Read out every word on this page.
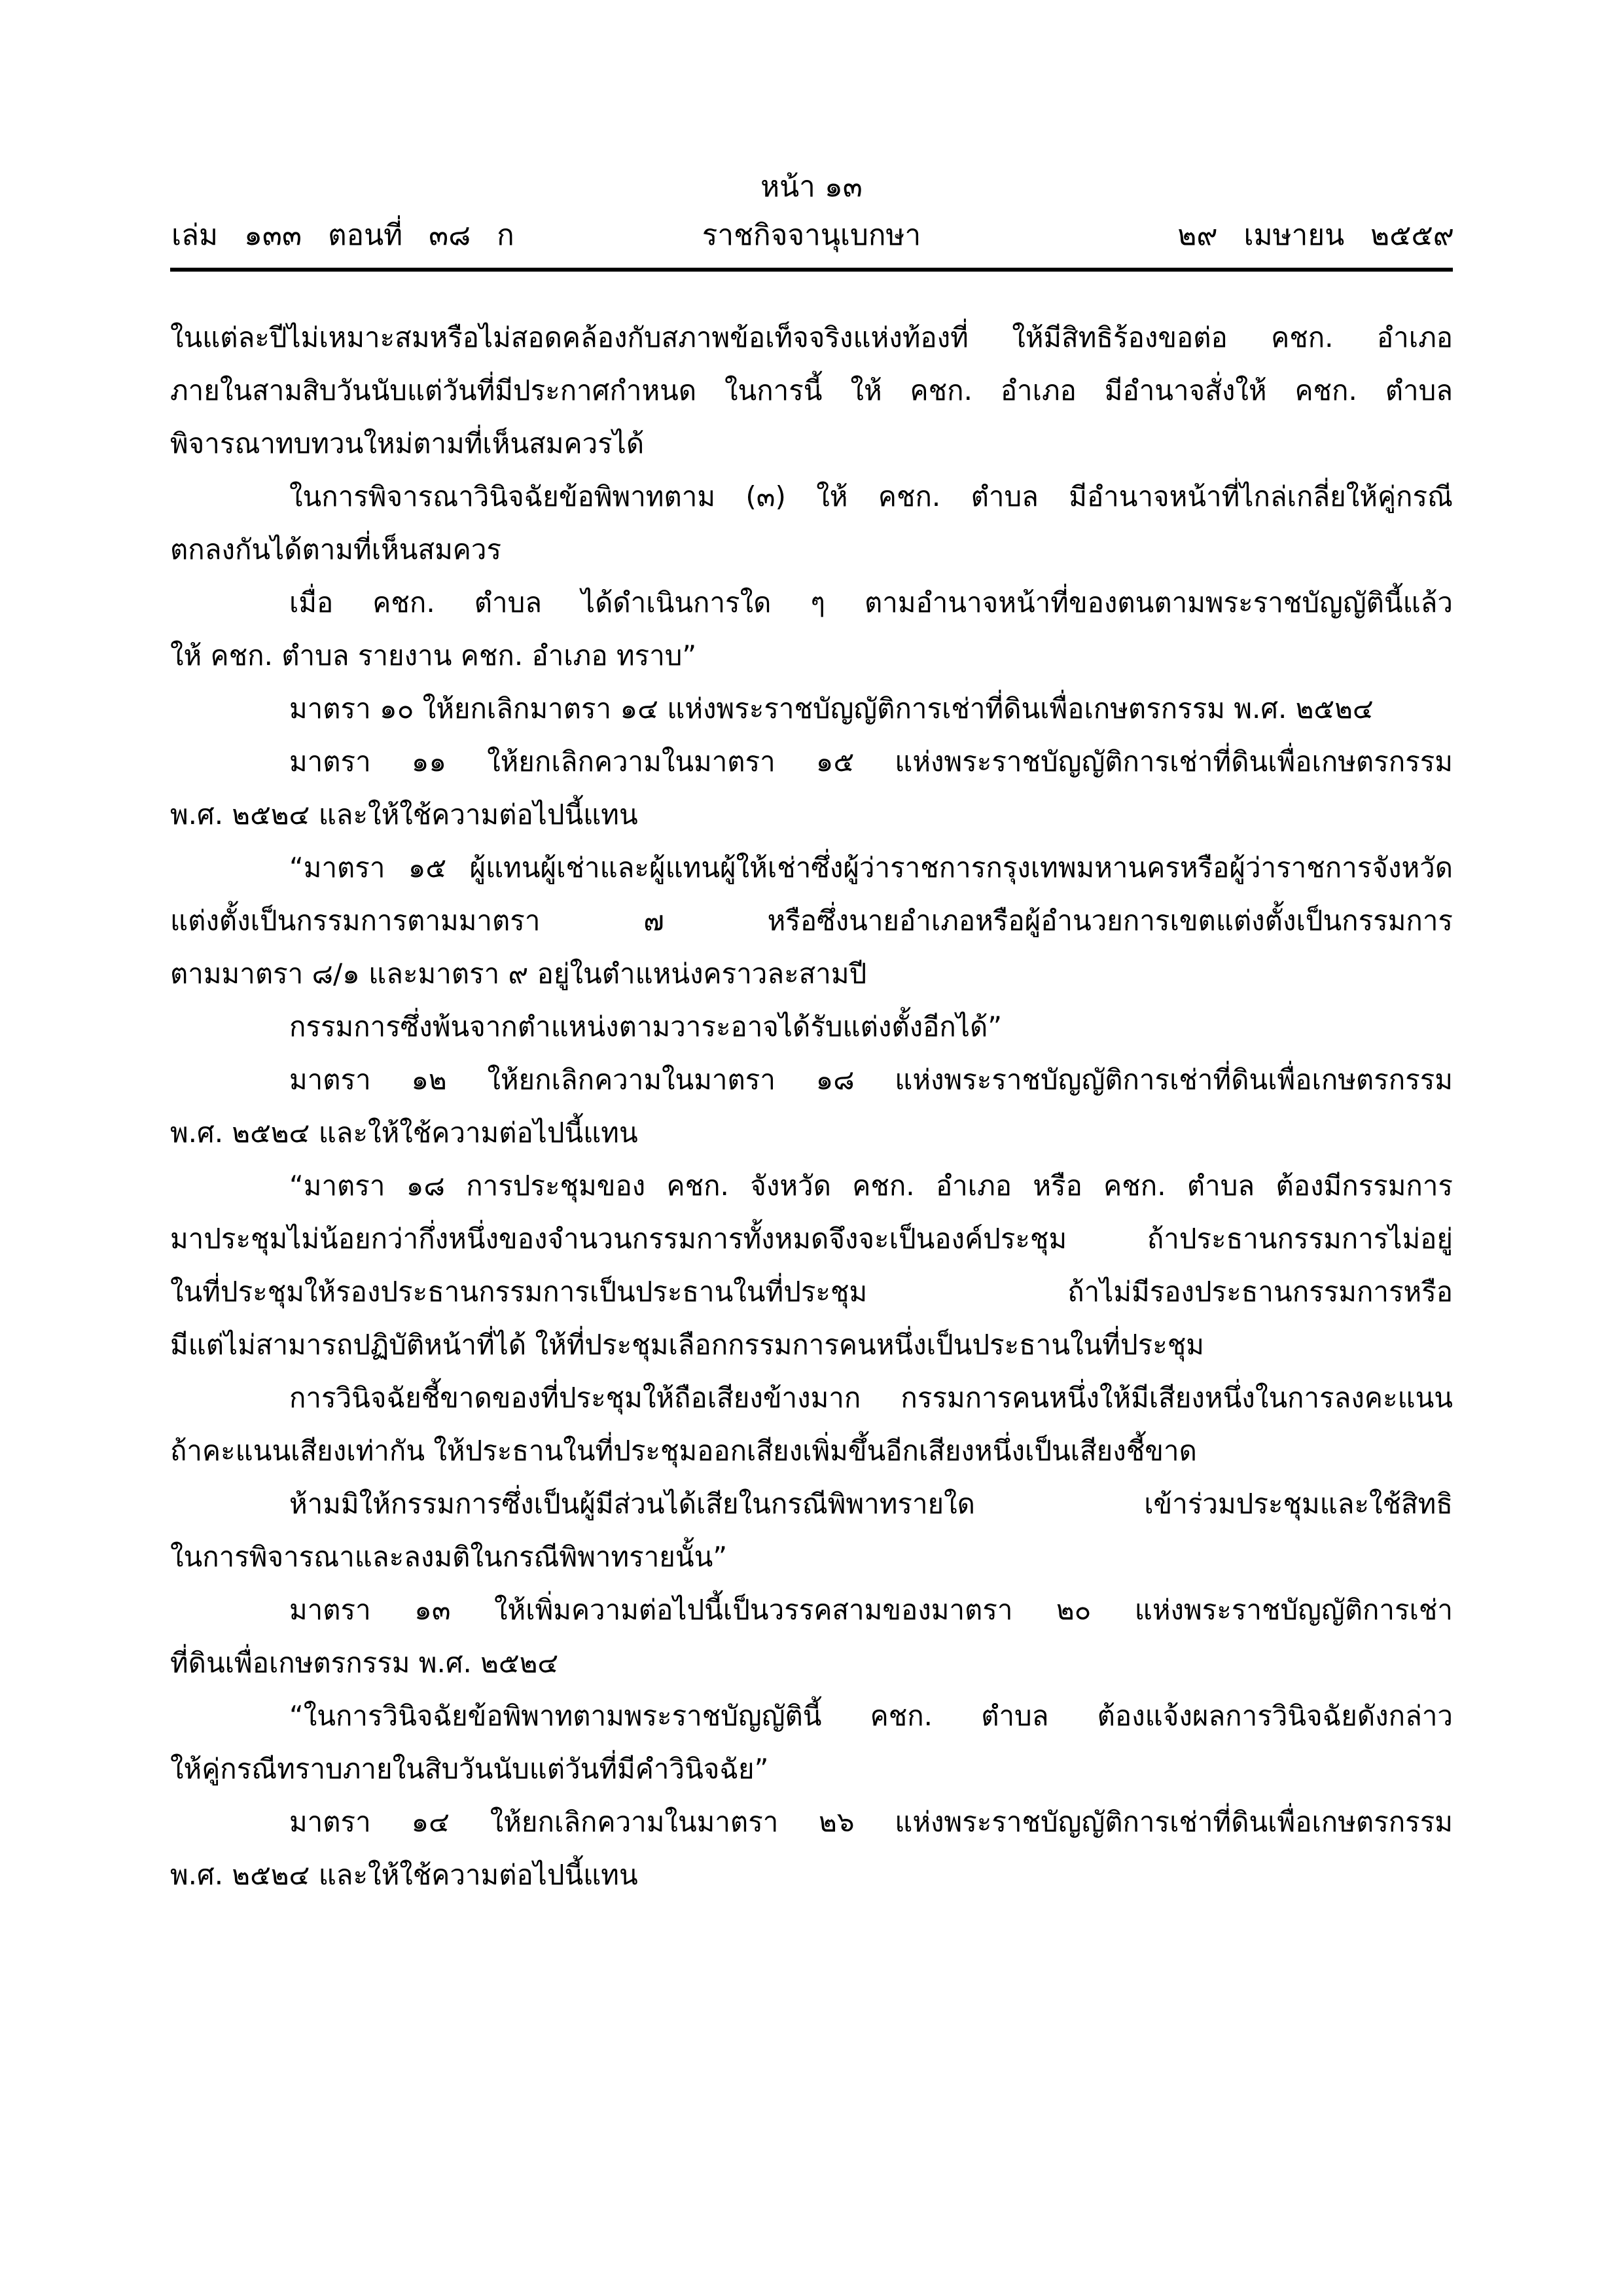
หน้า ๑๓
เล่ม ๑๓๓ ตอนที่ ๓๘ ก	ราชกิจจานุเบกษา	๒๙ เมษายน ๒๕๕๙
ในแต่ละปีไม่เหมาะสมหรือไม่สอดคล้องกับสภาพข้อเท็จจริงแห่งท้องที่ ให้มีสิทธิร้องขอต่อ คชก. อำเภอ
ภายในสามสิบวันนับแต่วันที่มีประกาศกำหนด ในการนี้ ให้ คชก. อำเภอ มีอำนาจสั่งให้ คชก. ตำบล
พิจารณาทบทวนใหม่ตามที่เห็นสมควรได้
ในการพิจารณาวินิจฉัยข้อพิพาทตาม (๓) ให้ คชก. ตำบล มีอำนาจหน้าที่ไกล่เกลี่ยให้คู่กรณี
ตกลงกันได้ตามที่เห็นสมควร
เมื่อ คชก. ตำบล ได้ดำเนินการใด ๆ ตามอำนาจหน้าที่ของตนตามพระราชบัญญัตินี้แล้ว
ให้ คชก. ตำบล รายงาน คชก. อำเภอ ทราบ”
มาตรา ๑๐ ให้ยกเลิกมาตรา ๑๔ แห่งพระราชบัญญัติการเช่าที่ดินเพื่อเกษตรกรรม พ.ศ. ๒๕๒๔
มาตรา ๑๑ ให้ยกเลิกความในมาตรา ๑๕ แห่งพระราชบัญญัติการเช่าที่ดินเพื่อเกษตรกรรม
พ.ศ. ๒๕๒๔ และให้ใช้ความต่อไปนี้แทน
“มาตรา ๑๕ ผู้แทนผู้เช่าและผู้แทนผู้ให้เช่าซึ่งผู้ว่าราชการกรุงเทพมหานครหรือผู้ว่าราชการจังหวัด
แต่งตั้งเป็นกรรมการตามมาตรา ๗ หรือซึ่งนายอำเภอหรือผู้อำนวยการเขตแต่งตั้งเป็นกรรมการ
ตามมาตรา ๘/๑ และมาตรา ๙ อยู่ในตำแหน่งคราวละสามปี
กรรมการซึ่งพ้นจากตำแหน่งตามวาระอาจได้รับแต่งตั้งอีกได้”
มาตรา ๑๒ ให้ยกเลิกความในมาตรา ๑๘ แห่งพระราชบัญญัติการเช่าที่ดินเพื่อเกษตรกรรม
พ.ศ. ๒๕๒๔ และให้ใช้ความต่อไปนี้แทน
“มาตรา ๑๘ การประชุมของ คชก. จังหวัด คชก. อำเภอ หรือ คชก. ตำบล ต้องมีกรรมการ
มาประชุมไม่น้อยกว่ากึ่งหนึ่งของจำนวนกรรมการทั้งหมดจึงจะเป็นองค์ประชุม ถ้าประธานกรรมการไม่อยู่
ในที่ประชุมให้รองประธานกรรมการเป็นประธานในที่ประชุม ถ้าไม่มีรองประธานกรรมการหรือ
มีแต่ไม่สามารถปฏิบัติหน้าที่ได้ ให้ที่ประชุมเลือกกรรมการคนหนึ่งเป็นประธานในที่ประชุม
การวินิจฉัยชี้ขาดของที่ประชุมให้ถือเสียงข้างมาก กรรมการคนหนึ่งให้มีเสียงหนึ่งในการลงคะแนน
ถ้าคะแนนเสียงเท่ากัน ให้ประธานในที่ประชุมออกเสียงเพิ่มขึ้นอีกเสียงหนึ่งเป็นเสียงชี้ขาด
ห้ามมิให้กรรมการซึ่งเป็นผู้มีส่วนได้เสียในกรณีพิพาทรายใด เข้าร่วมประชุมและใช้สิทธิ
ในการพิจารณาและลงมติในกรณีพิพาทรายนั้น”
มาตรา ๑๓ ให้เพิ่มความต่อไปนี้เป็นวรรคสามของมาตรา ๒๐ แห่งพระราชบัญญัติการเช่า
ที่ดินเพื่อเกษตรกรรม พ.ศ. ๒๕๒๔
“ในการวินิจฉัยข้อพิพาทตามพระราชบัญญัตินี้ คชก. ตำบล ต้องแจ้งผลการวินิจฉัยดังกล่าว
ให้คู่กรณีทราบภายในสิบวันนับแต่วันที่มีคำวินิจฉัย”
มาตรา ๑๔ ให้ยกเลิกความในมาตรา ๒๖ แห่งพระราชบัญญัติการเช่าที่ดินเพื่อเกษตรกรรม
พ.ศ. ๒๕๒๔ และให้ใช้ความต่อไปนี้แทน
